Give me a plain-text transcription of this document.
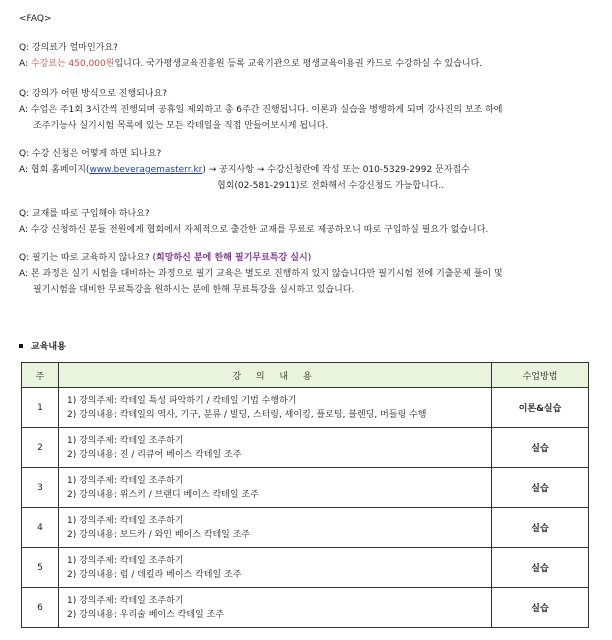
<FAQ>
Q: 강의료가 얼마인가요?
A: 수강료는 450,000원입니다. 국가평생교육진흥원 등록 교육기관으로 평생교육이용권 카드로 수강하실 수 있습니다.
Q: 강의가 어떤 방식으로 진행되나요?
A: 수업은 주1회 3시간씩 진행되며 공휴일 제외하고 총 6주간 진행됩니다. 이론과 실습을 병행하게 되며 강사진의 보조 하에
조주기능사 실기시험 목록에 있는 모든 칵테일을 직접 만들어보시게 됩니다.
Q: 수강 신청은 어떻게 하면 되나요?
A: 협회 홈페이지(www.beveragemasterr.kr) → 공지사항 → 수강신청란에 작성 또는 010-5329-2992 문자접수
협회(02-581-2911)로 전화해서 수강신청도 가능합니다..
Q: 교재를 따로 구입해야 하나요?
A: 수강 신청하신 분들 전원에게 협회에서 자체적으로 출간한 교재를 무료로 제공하오니 따로 구입하실 필요가 없습니다.
Q: 필기는 따로 교육하지 않나요? (희망하신 분에 한해 필기무료특강 실시)
A: 본 과정은 실기 시험을 대비하는 과정으로 필기 교육은 별도로 진행하지 있지 않습니다만 필기시험 전에 기출문제 풀이 및
필기시험을 대비한 무료특강을 원하시는 분에 한해 무료특강을 실시하고 있습니다.
교육내용
주	강 의 내 용	수업방법
1	1) 강의주제: 칵테일 특성 파악하기 / 칵테일 기법 수행하기
2) 강의내용: 칵테일의 역사, 기구, 분류 / 빌딩, 스터링, 셰이킹, 플로팅, 블렌딩, 머들링 수행	이론&실습
2	1) 강의주제: 칵테일 조주하기
2) 강의내용: 진 / 리큐어 베이스 칵테일 조주	실습
3	1) 강의주제: 칵테일 조주하기
2) 강의내용: 위스키 / 브랜디 베이스 칵테일 조주	실습
4	1) 강의주제: 칵테일 조주하기
2) 강의내용: 보드카 / 와인 베이스 칵테일 조주	실습
5	1) 강의주제: 칵테일 조주하기
2) 강의내용: 럼 / 데킬라 베이스 칵테일 조주	실습
6	1) 강의주제: 칵테일 조주하기
2) 강의내용: 우리술 베이스 칵테일 조주	실습
